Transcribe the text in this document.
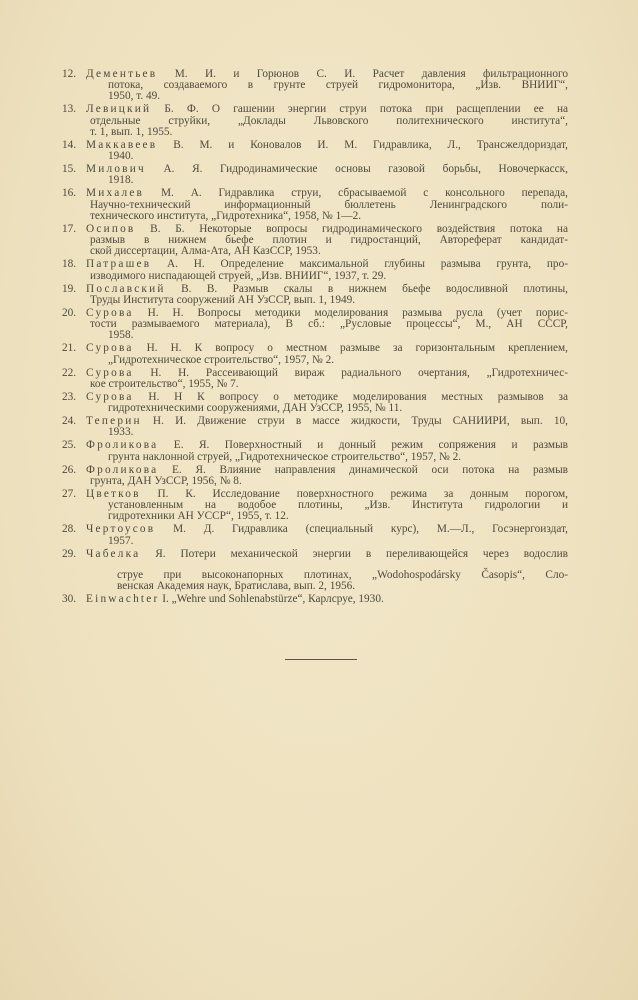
12. Дементьев М. И. и Горюнов С. И. Расчет давления фильтрационного
потока, создаваемого в грунте струей гидромонитора, „Изв. ВНИИГ“,
1950, т. 49.
13. Левицкий Б. Ф. О гашении энергии струи потока при расщеплении ее на
отдельные струйки, „Доклады Львовского политехнического института“,
т. 1, вып. 1, 1955.
14. Маккавеев В. М. и Коновалов И. М. Гидравлика, Л., Трансжелдориздат,
1940.
15. Милович А. Я. Гидродинамические основы газовой борьбы, Новочеркасск,
1918.
16. Михалев М. А. Гидравлика струи, сбрасываемой с консольного перепада,
Научно-технический информационный бюллетень Ленинградского поли-
технического института, „Гидротехника“, 1958, № 1—2.
17. Осипов В. Б. Некоторые вопросы гидродинамического воздействия потока на
размыв в нижнем бьефе плотин и гидростанций, Автореферат кандидат-
ской диссертации, Алма-Ата, АН КазССР, 1953.
18. Патрашев А. Н. Определение максимальной глубины размыва грунта, про-
изводимого ниспадающей струей, „Изв. ВНИИГ“, 1937, т. 29.
19. Пославский В. В. Размыв скалы в нижнем бьефе водосливной плотины,
Труды Института сооружений АН УзССР, вып. 1, 1949.
20. Сурова Н. Н. Вопросы методики моделирования размыва русла (учет порис-
тости размываемого материала), В сб.: „Русловые процессы“, М., АН СССР,
1958.
21. Сурова Н. Н. К вопросу о местном размыве за горизонтальным креплением,
„Гидротехническое строительство“, 1957, № 2.
22. Сурова Н. Н. Рассеивающий вираж радиального очертания, „Гидротехничес-
кое строительство“, 1955, № 7.
23. Сурова Н. Н К вопросу о методике моделирования местных размывов за
гидротехническими сооружениями, ДАН УзССР, 1955, № 11.
24. Теперин Н. И. Движение струи в массе жидкости, Труды САНИИРИ, вып. 10,
1933.
25. Фроликова Е. Я. Поверхностный и донный режим сопряжения и размыв
грунта наклонной струей, „Гидротехническое строительство“, 1957, № 2.
26. Фроликова Е. Я. Влияние направления динамической оси потока на размыв
грунта, ДАН УзССР, 1956, № 8.
27. Цветков П. К. Исследование поверхностного режима за донным порогом,
установленным на водобое плотины, „Изв. Института гидрологии и
гидротехники АН УССР“, 1955, т. 12.
28. Чертоусов М. Д. Гидравлика (специальный курс), М.—Л., Госэнергоиздат,
1957.
29. Чабелка Я. Потери механической энергии в переливающейся через водослив
струе при высоконапорных плотинах, „Wodohospodársky Časopis“, Сло-
венская Академия наук, Братислава, вып. 2, 1956.
30. Einwachter I. „Wehre und Sohlenabstürze“, Карлсруе, 1930.
